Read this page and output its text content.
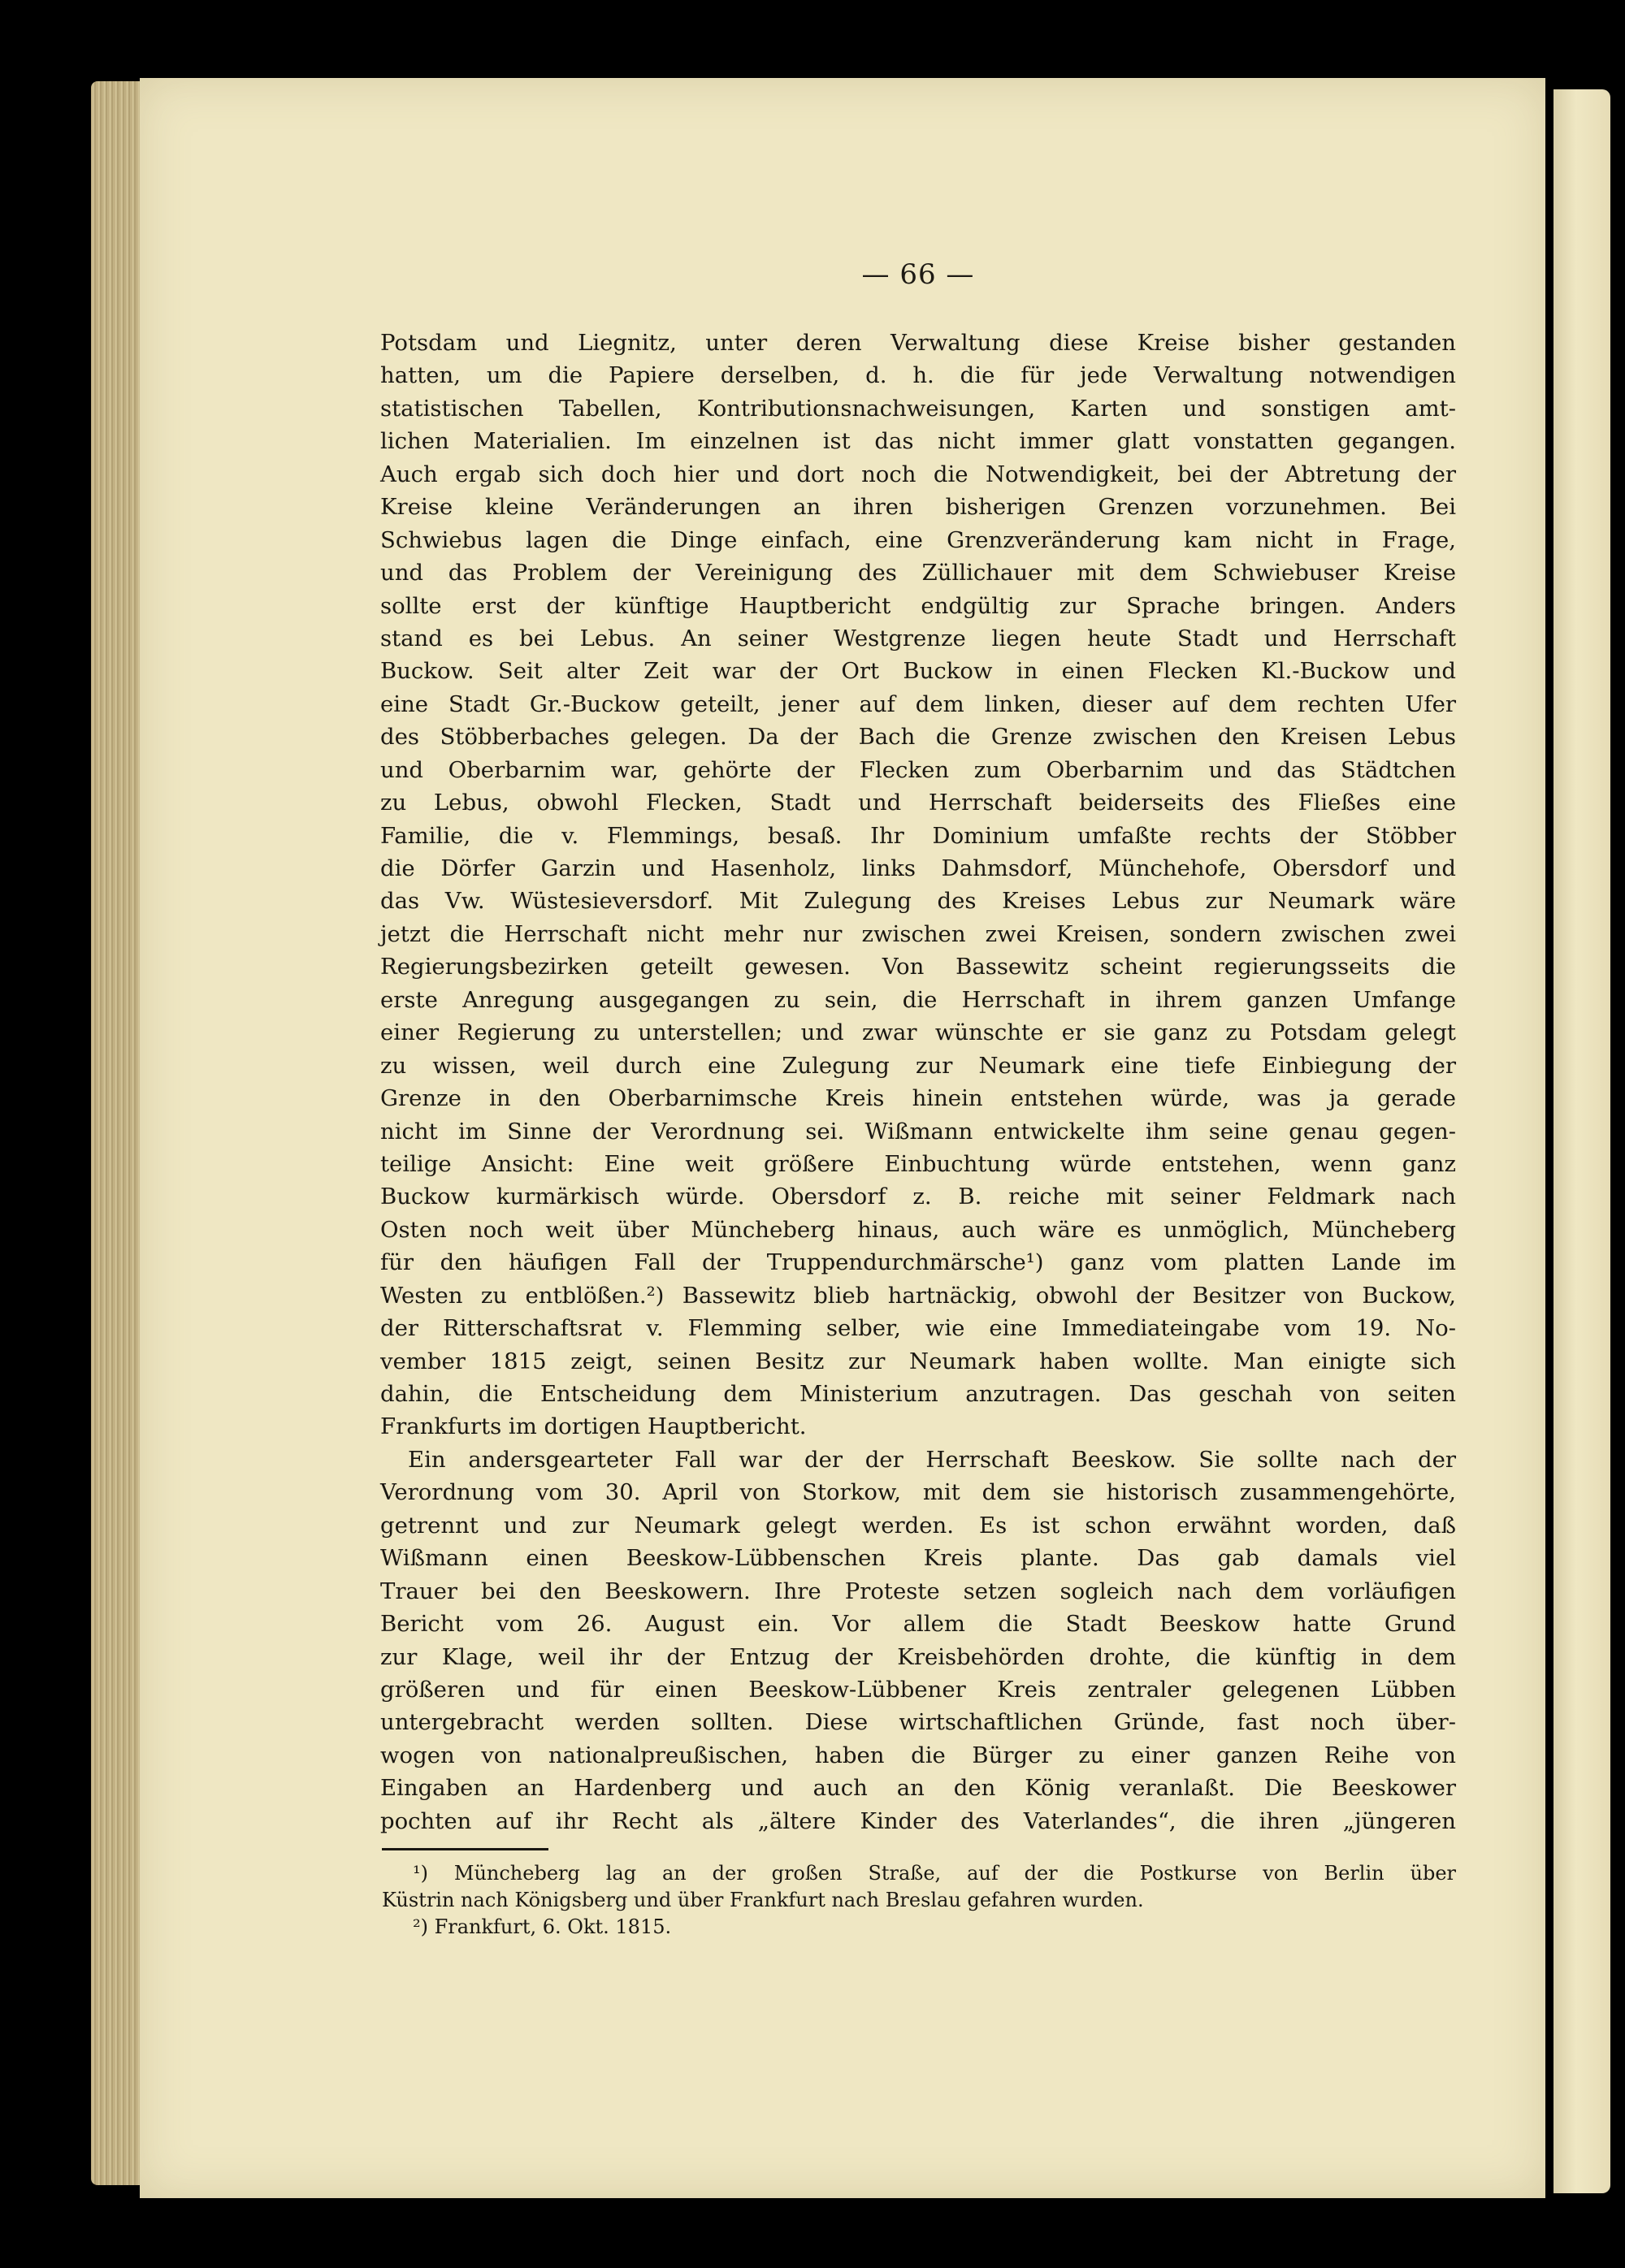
— 66 —
Potsdam und Liegnitz, unter deren Verwaltung diese Kreise bisher gestanden
hatten, um die Papiere derselben, d. h. die für jede Verwaltung notwendigen
statistischen Tabellen, Kontributionsnachweisungen, Karten und sonstigen amt-
lichen Materialien. Im einzelnen ist das nicht immer glatt vonstatten gegangen.
Auch ergab sich doch hier und dort noch die Notwendigkeit, bei der Abtretung der
Kreise kleine Veränderungen an ihren bisherigen Grenzen vorzunehmen. Bei
Schwiebus lagen die Dinge einfach, eine Grenzveränderung kam nicht in Frage,
und das Problem der Vereinigung des Züllichauer mit dem Schwiebuser Kreise
sollte erst der künftige Hauptbericht endgültig zur Sprache bringen. Anders
stand es bei Lebus. An seiner Westgrenze liegen heute Stadt und Herrschaft
Buckow. Seit alter Zeit war der Ort Buckow in einen Flecken Kl.-Buckow und
eine Stadt Gr.-Buckow geteilt, jener auf dem linken, dieser auf dem rechten Ufer
des Stöbberbaches gelegen. Da der Bach die Grenze zwischen den Kreisen Lebus
und Oberbarnim war, gehörte der Flecken zum Oberbarnim und das Städtchen
zu Lebus, obwohl Flecken, Stadt und Herrschaft beiderseits des Fließes eine
Familie, die v. Flemmings, besaß. Ihr Dominium umfaßte rechts der Stöbber
die Dörfer Garzin und Hasenholz, links Dahmsdorf, Münchehofe, Obersdorf und
das Vw. Wüstesieversdorf. Mit Zulegung des Kreises Lebus zur Neumark wäre
jetzt die Herrschaft nicht mehr nur zwischen zwei Kreisen, sondern zwischen zwei
Regierungsbezirken geteilt gewesen. Von Bassewitz scheint regierungsseits die
erste Anregung ausgegangen zu sein, die Herrschaft in ihrem ganzen Umfange
einer Regierung zu unterstellen; und zwar wünschte er sie ganz zu Potsdam gelegt
zu wissen, weil durch eine Zulegung zur Neumark eine tiefe Einbiegung der
Grenze in den Oberbarnimsche Kreis hinein entstehen würde, was ja gerade
nicht im Sinne der Verordnung sei. Wißmann entwickelte ihm seine genau gegen-
teilige Ansicht: Eine weit größere Einbuchtung würde entstehen, wenn ganz
Buckow kurmärkisch würde. Obersdorf z. B. reiche mit seiner Feldmark nach
Osten noch weit über Müncheberg hinaus, auch wäre es unmöglich, Müncheberg
für den häufigen Fall der Truppendurchmärsche¹) ganz vom platten Lande im
Westen zu entblößen.²) Bassewitz blieb hartnäckig, obwohl der Besitzer von Buckow,
der Ritterschaftsrat v. Flemming selber, wie eine Immediateingabe vom 19. No-
vember 1815 zeigt, seinen Besitz zur Neumark haben wollte. Man einigte sich
dahin, die Entscheidung dem Ministerium anzutragen. Das geschah von seiten
Frankfurts im dortigen Hauptbericht.
Ein andersgearteter Fall war der der Herrschaft Beeskow. Sie sollte nach der
Verordnung vom 30. April von Storkow, mit dem sie historisch zusammengehörte,
getrennt und zur Neumark gelegt werden. Es ist schon erwähnt worden, daß
Wißmann einen Beeskow-Lübbenschen Kreis plante. Das gab damals viel
Trauer bei den Beeskowern. Ihre Proteste setzen sogleich nach dem vorläufigen
Bericht vom 26. August ein. Vor allem die Stadt Beeskow hatte Grund
zur Klage, weil ihr der Entzug der Kreisbehörden drohte, die künftig in dem
größeren und für einen Beeskow-Lübbener Kreis zentraler gelegenen Lübben
untergebracht werden sollten. Diese wirtschaftlichen Gründe, fast noch über-
wogen von nationalpreußischen, haben die Bürger zu einer ganzen Reihe von
Eingaben an Hardenberg und auch an den König veranlaßt. Die Beeskower
pochten auf ihr Recht als „ältere Kinder des Vaterlandes“, die ihren „jüngeren
¹) Müncheberg lag an der großen Straße, auf der die Postkurse von Berlin über
Küstrin nach Königsberg und über Frankfurt nach Breslau gefahren wurden.
²) Frankfurt, 6. Okt. 1815.
